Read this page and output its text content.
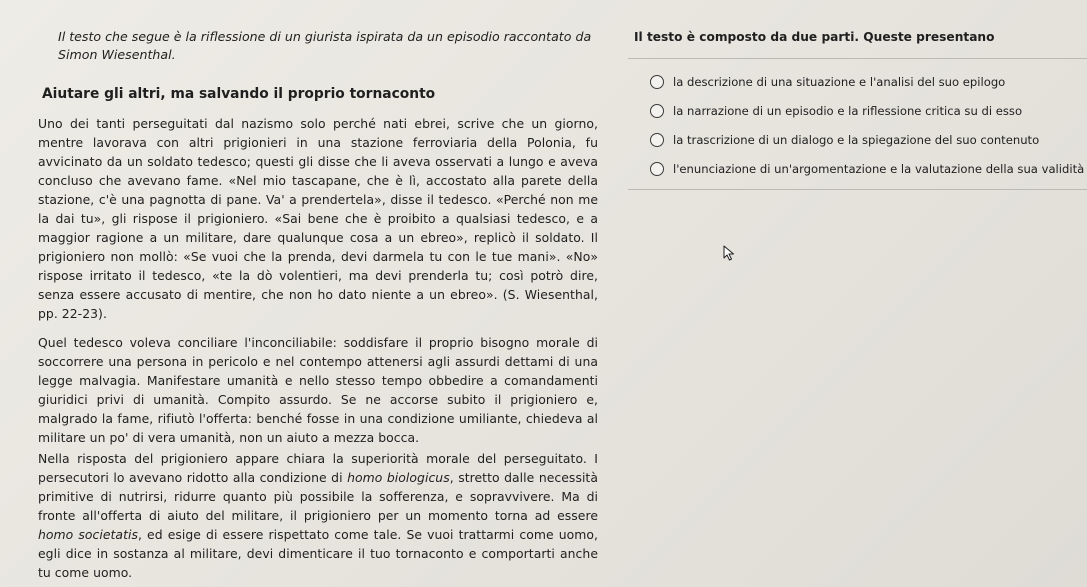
Il testo che segue è la riflessione di un giurista ispirata da un episodio raccontato da Simon Wiesenthal.

Aiutare gli altri, ma salvando il proprio tornaconto

Uno dei tanti perseguitati dal nazismo solo perché nati ebrei, scrive che un giorno, mentre lavorava con altri prigionieri in una stazione ferroviaria della Polonia, fu avvicinato da un soldato tedesco; questi gli disse che li aveva osservati a lungo e aveva concluso che avevano fame. «Nel mio tascapane, che è lì, accostato alla parete della stazione, c'è una pagnotta di pane. Va' a prendertela», disse il tedesco. «Perché non me la dai tu», gli rispose il prigioniero. «Sai bene che è proibito a qualsiasi tedesco, e a maggior ragione a un militare, dare qualunque cosa a un ebreo», replicò il soldato. Il prigioniero non mollò: «Se vuoi che la prenda, devi darmela tu con le tue mani». «No» rispose irritato il tedesco, «te la dò volentieri, ma devi prenderla tu; così potrò dire, senza essere accusato di mentire, che non ho dato niente a un ebreo». (S. Wiesenthal, pp. 22-23).

Quel tedesco voleva conciliare l'inconciliabile: soddisfare il proprio bisogno morale di soccorrere una persona in pericolo e nel contempo attenersi agli assurdi dettami di una legge malvagia. Manifestare umanità e nello stesso tempo obbedire a comandamenti giuridici privi di umanità. Compito assurdo. Se ne accorse subito il prigioniero e, malgrado la fame, rifiutò l'offerta: benché fosse in una condizione umiliante, chiedeva al militare un po' di vera umanità, non un aiuto a mezza bocca.

Nella risposta del prigioniero appare chiara la superiorità morale del perseguitato. I persecutori lo avevano ridotto alla condizione di homo biologicus, stretto dalle necessità primitive di nutrirsi, ridurre quanto più possibile la sofferenza, e sopravvivere. Ma di fronte all'offerta di aiuto del militare, il prigioniero per un momento torna ad essere homo societatis, ed esige di essere rispettato come tale. Se vuoi trattarmi come uomo, egli dice in sostanza al militare, devi dimenticare il tuo tornaconto e comportarti anche tu come uomo.

Il testo è composto da due parti. Queste presentano
la descrizione di una situazione e l'analisi del suo epilogo
la narrazione di un episodio e la riflessione critica su di esso
la trascrizione di un dialogo e la spiegazione del suo contenuto
l'enunciazione di un'argomentazione e la valutazione della sua validità
